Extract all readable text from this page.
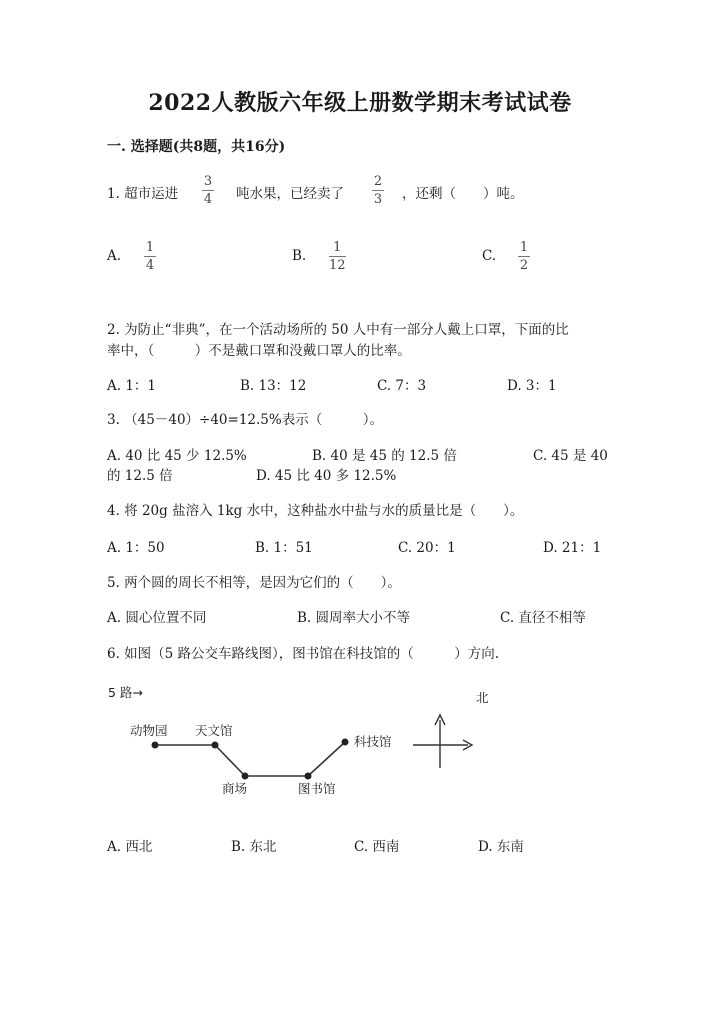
2022人教版六年级上册数学期末考试试卷
一. 选择题(共8题，共16分)
1. 超市运进
3
4 吨水果，已经卖了
2
3 ，还剩（　　）吨。
A.
1
4
B.
1
12
C.
1
2
2. 为防止“非典”，在一个活动场所的 50 人中有一部分人戴上口罩，下面的比
率中，（　　　）不是戴口罩和没戴口罩人的比率。
A. 1：1	B. 13：12	C. 7：3	D. 3：1
3. （45－40）÷40=12.5%表示（　　　）。
A. 40 比 45 少 12.5%	B. 40 是 45 的 12.5 倍	C. 45 是 40
的 12.5 倍	D. 45 比 40 多 12.5%
4. 将 20g 盐溶入 1kg 水中，这种盐水中盐与水的质量比是（　　）。
A. 1：50	B. 1：51	C. 20：1	D. 21：1
5. 两个圆的周长不相等，是因为它们的（　　）。
A. 圆心位置不同	B. 圆周率大小不等	C. 直径不相等
6. 如图（5 路公交车路线图），图书馆在科技馆的（　　　）方向.
5 路→	北
动物园 天文馆
商场	图书馆
科技馆
A. 西北	B. 东北	C. 西南	D. 东南
